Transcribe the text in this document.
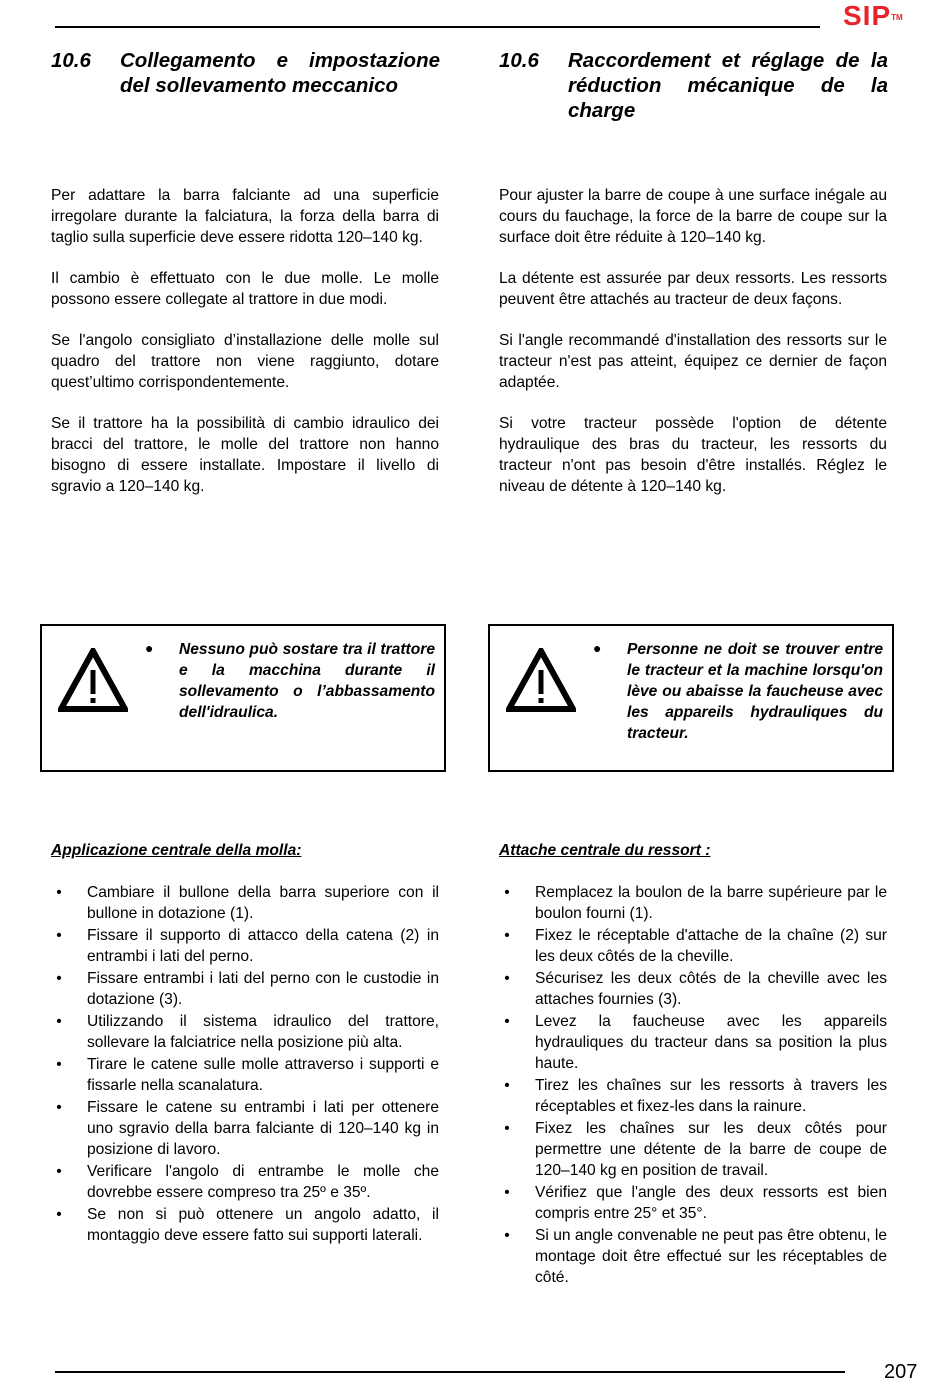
SIP™
10.6 Collegamento e impostazione
del sollevamento meccanico

Per adattare la barra falciante ad una superficie irregolare durante la falciatura, la forza della barra di taglio sulla superficie deve essere ridotta 120–140 kg.

Il cambio è effettuato con le due molle. Le molle possono essere collegate al trattore in due modi.

Se l'angolo consigliato d’installazione delle molle sul quadro del trattore non viene raggiunto, dotare quest’ultimo corrispondentemente.

Se il trattore ha la possibilità di cambio idraulico dei bracci del trattore, le molle del trattore non hanno bisogno di essere installate. Impostare il livello di sgravio a 120–140 kg.

● Nessuno può sostare tra il trattore e la macchina durante il sollevamento o l’abbassamento dell'idraulica.
Applicazione centrale della molla:
•	Cambiare il bullone della barra superiore con il bullone in dotazione (1).
•	Fissare il supporto di attacco della catena (2) in entrambi i lati del perno.
•	Fissare entrambi i lati del perno con le custodie in dotazione (3).
•	Utilizzando il sistema idraulico del trattore, sollevare la falciatrice nella posizione più alta.
•	Tirare le catene sulle molle attraverso i supporti e fissarle nella scanalatura.
•	Fissare le catene su entrambi i lati per ottenere uno sgravio della barra falciante di 120–140 kg in posizione di lavoro.
•	Verificare l'angolo di entrambe le molle che dovrebbe essere compreso tra 25º e 35º.
•	Se non si può ottenere un angolo adatto, il montaggio deve essere fatto sui supporti laterali.
10.6 Raccordement et réglage de la
réduction mécanique de la
charge

Pour ajuster la barre de coupe à une surface inégale au cours du fauchage, la force de la barre de coupe sur la surface doit être réduite à 120–140 kg.

La détente est assurée par deux ressorts. Les ressorts peuvent être attachés au tracteur de deux façons.

Si l'angle recommandé d'installation des ressorts sur le tracteur n'est pas atteint, équipez ce dernier de façon adaptée.

Si votre tracteur possède l'option de détente hydraulique des bras du tracteur, les ressorts du tracteur n'ont pas besoin d'être installés. Réglez le niveau de détente à 120–140 kg.

● Personne ne doit se trouver entre le tracteur et la machine lorsqu'on lève ou abaisse la faucheuse avec les appareils hydrauliques du tracteur.
Attache centrale du ressort :
•	Remplacez la boulon de la barre supérieure par le boulon fourni (1).
•	Fixez le réceptable d'attache de la chaîne (2) sur les deux côtés de la cheville.
•	Sécurisez les deux côtés de la cheville avec les attaches fournies (3).
•	Levez la faucheuse avec les appareils hydrauliques du tracteur dans sa position la plus haute.
•	Tirez les chaînes sur les ressorts à travers les réceptables et fixez-les dans la rainure.
•	Fixez les chaînes sur les deux côtés pour permettre une détente de la barre de coupe de 120–140 kg en position de travail.
•	Vérifiez que l'angle des deux ressorts est bien compris entre 25° et 35°.
•	Si un angle convenable ne peut pas être obtenu, le montage doit être effectué sur les réceptables de côté.
207
